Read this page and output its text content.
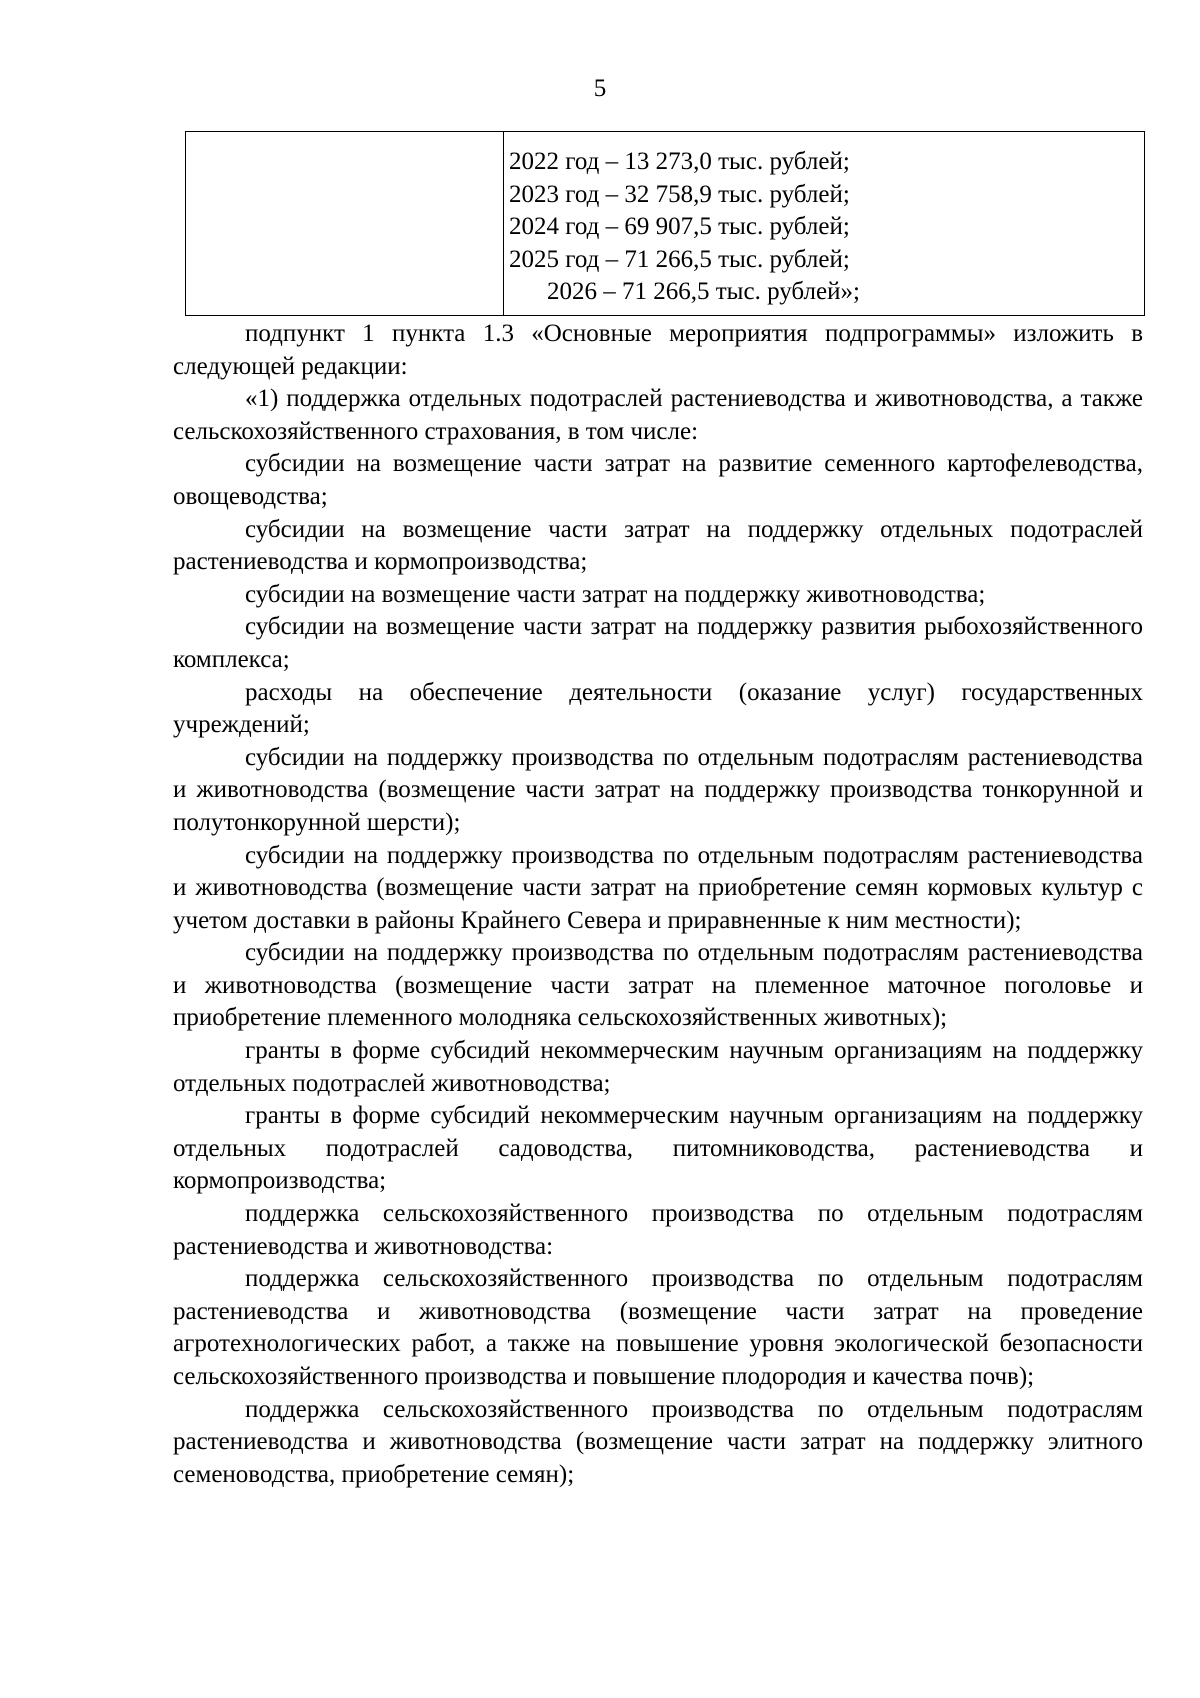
5
2022 год – 13 273,0 тыс. рублей;
2023 год – 32 758,9 тыс. рублей;
2024 год – 69 907,5 тыс. рублей;
2025 год – 71 266,5 тыс. рублей;
2026 – 71 266,5 тыс. рублей»;

подпункт 1 пункта 1.3 «Основные мероприятия подпрограммы» изложить в следующей редакции:

«1) поддержка отдельных подотраслей растениеводства и животноводства, а также сельскохозяйственного страхования, в том числе:

субсидии на возмещение части затрат на развитие семенного картофелеводства, овощеводства;

субсидии на возмещение части затрат на поддержку отдельных подотраслей растениеводства и кормопроизводства;

субсидии на возмещение части затрат на поддержку животноводства;

субсидии на возмещение части затрат на поддержку развития рыбохозяйственного комплекса;

расходы на обеспечение деятельности (оказание услуг) государственных учреждений;

субсидии на поддержку производства по отдельным подотраслям растениеводства и животноводства (возмещение части затрат на поддержку производства тонкорунной и полутонкорунной шерсти);

субсидии на поддержку производства по отдельным подотраслям растениеводства и животноводства (возмещение части затрат на приобретение семян кормовых культур с учетом доставки в районы Крайнего Севера и приравненные к ним местности);

субсидии на поддержку производства по отдельным подотраслям растениеводства и животноводства (возмещение части затрат на племенное маточное поголовье и приобретение племенного молодняка сельскохозяйственных животных);

гранты в форме субсидий некоммерческим научным организациям на поддержку отдельных подотраслей животноводства;

гранты в форме субсидий некоммерческим научным организациям на поддержку отдельных подотраслей садоводства, питомниководства, растениеводства и кормопроизводства;

поддержка сельскохозяйственного производства по отдельным подотраслям растениеводства и животноводства:

поддержка сельскохозяйственного производства по отдельным подотраслям растениеводства и животноводства (возмещение части затрат на проведение агротехнологических работ, а также на повышение уровня экологической безопасности сельскохозяйственного производства и повышение плодородия и качества почв);

поддержка сельскохозяйственного производства по отдельным подотраслям растениеводства и животноводства (возмещение части затрат на поддержку элитного семеноводства, приобретение семян);
